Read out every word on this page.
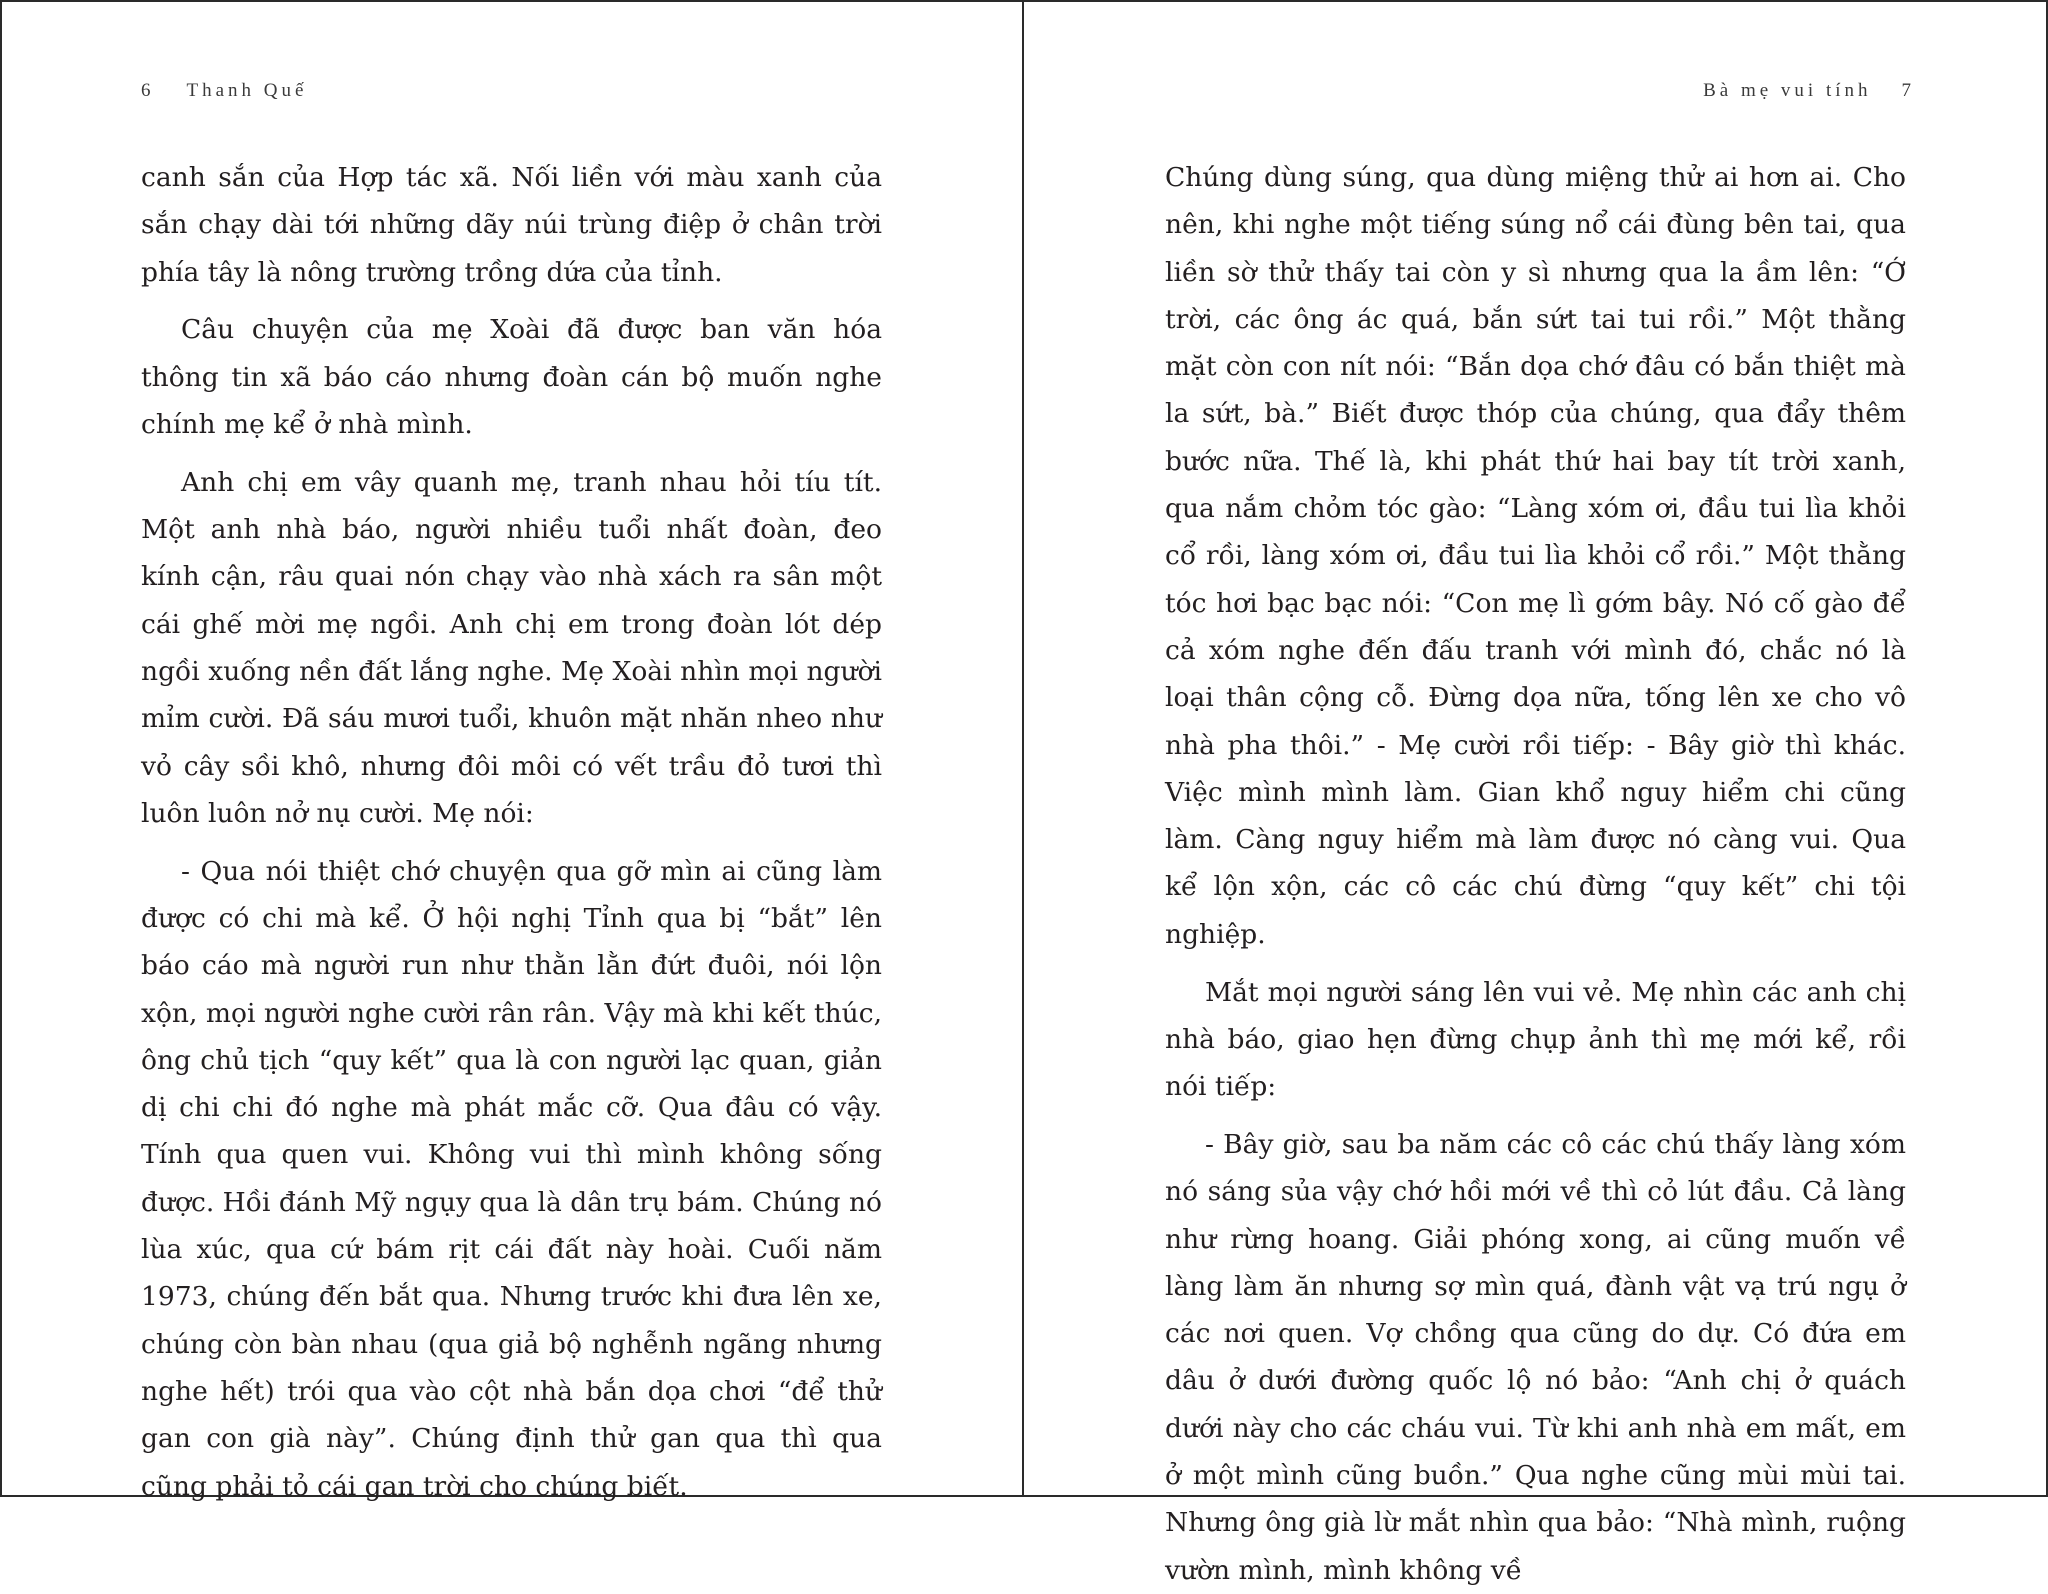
6 Thanh Quế

canh sắn của Hợp tác xã. Nối liền với màu xanh của sắn chạy dài tới những dãy núi trùng điệp ở chân trời phía tây là nông trường trồng dứa của tỉnh.

Câu chuyện của mẹ Xoài đã được ban văn hóa thông tin xã báo cáo nhưng đoàn cán bộ muốn nghe chính mẹ kể ở nhà mình.

Anh chị em vây quanh mẹ, tranh nhau hỏi tíu tít. Một anh nhà báo, người nhiều tuổi nhất đoàn, đeo kính cận, râu quai nón chạy vào nhà xách ra sân một cái ghế mời mẹ ngồi. Anh chị em trong đoàn lót dép ngồi xuống nền đất lắng nghe. Mẹ Xoài nhìn mọi người mỉm cười. Đã sáu mươi tuổi, khuôn mặt nhăn nheo như vỏ cây sồi khô, nhưng đôi môi có vết trầu đỏ tươi thì luôn luôn nở nụ cười. Mẹ nói:

- Qua nói thiệt chớ chuyện qua gỡ mìn ai cũng làm được có chi mà kể. Ở hội nghị Tỉnh qua bị “bắt” lên báo cáo mà người run như thằn lằn đứt đuôi, nói lộn xộn, mọi người nghe cười rân rân. Vậy mà khi kết thúc, ông chủ tịch “quy kết” qua là con người lạc quan, giản dị chi chi đó nghe mà phát mắc cỡ. Qua đâu có vậy. Tính qua quen vui. Không vui thì mình không sống được. Hồi đánh Mỹ ngụy qua là dân trụ bám. Chúng nó lùa xúc, qua cứ bám rịt cái đất này hoài. Cuối năm 1973, chúng đến bắt qua. Nhưng trước khi đưa lên xe, chúng còn bàn nhau (qua giả bộ nghễnh ngãng nhưng nghe hết) trói qua vào cột nhà bắn dọa chơi “để thử gan con già này”. Chúng định thử gan qua thì qua cũng phải tỏ cái gan trời cho chúng biết.

Bà mẹ vui tính 7

Chúng dùng súng, qua dùng miệng thử ai hơn ai. Cho nên, khi nghe một tiếng súng nổ cái đùng bên tai, qua liền sờ thử thấy tai còn y sì nhưng qua la ầm lên: “Ớ trời, các ông ác quá, bắn sứt tai tui rồi.” Một thằng mặt còn con nít nói: “Bắn dọa chớ đâu có bắn thiệt mà la sứt, bà.” Biết được thóp của chúng, qua đẩy thêm bước nữa. Thế là, khi phát thứ hai bay tít trời xanh, qua nắm chỏm tóc gào: “Làng xóm ơi, đầu tui lìa khỏi cổ rồi, làng xóm ơi, đầu tui lìa khỏi cổ rồi.” Một thằng tóc hơi bạc bạc nói: “Con mẹ lì gớm bây. Nó cố gào để cả xóm nghe đến đấu tranh với mình đó, chắc nó là loại thân cộng cỗ. Đừng dọa nữa, tống lên xe cho vô nhà pha thôi.” - Mẹ cười rồi tiếp: - Bây giờ thì khác. Việc mình mình làm. Gian khổ nguy hiểm chi cũng làm. Càng nguy hiểm mà làm được nó càng vui. Qua kể lộn xộn, các cô các chú đừng “quy kết” chi tội nghiệp.

Mắt mọi người sáng lên vui vẻ. Mẹ nhìn các anh chị nhà báo, giao hẹn đừng chụp ảnh thì mẹ mới kể, rồi nói tiếp:

- Bây giờ, sau ba năm các cô các chú thấy làng xóm nó sáng sủa vậy chớ hồi mới về thì cỏ lút đầu. Cả làng như rừng hoang. Giải phóng xong, ai cũng muốn về làng làm ăn nhưng sợ mìn quá, đành vật vạ trú ngụ ở các nơi quen. Vợ chồng qua cũng do dự. Có đứa em dâu ở dưới đường quốc lộ nó bảo: “Anh chị ở quách dưới này cho các cháu vui. Từ khi anh nhà em mất, em ở một mình cũng buồn.” Qua nghe cũng mùi mùi tai. Nhưng ông già lừ mắt nhìn qua bảo: “Nhà mình, ruộng vườn mình, mình không về
